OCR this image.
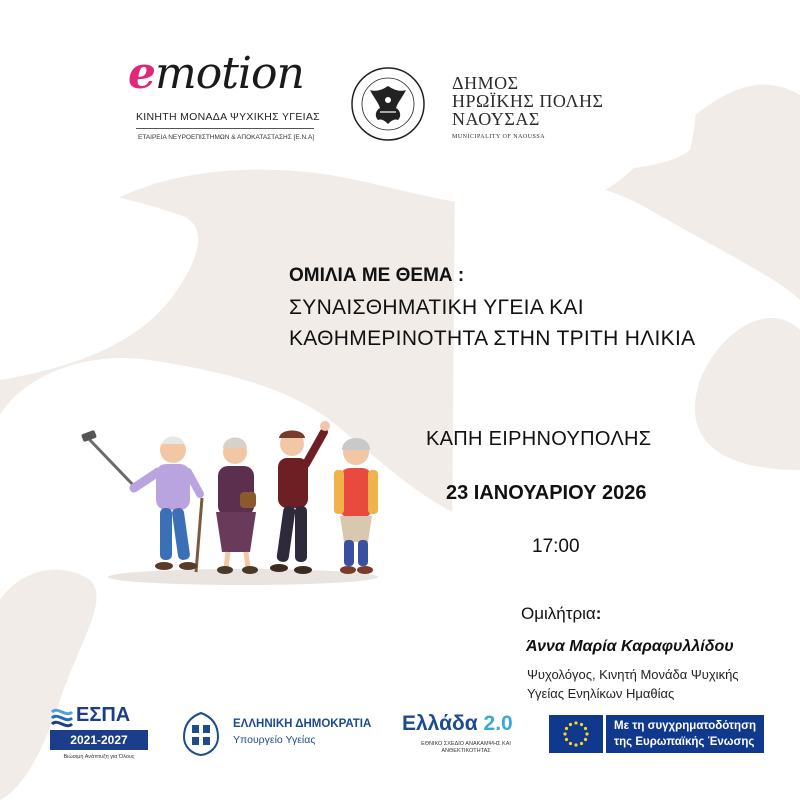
emotion
ΚΙΝΗΤΗ ΜΟΝΑΔΑ ΨΥΧΙΚΗΣ ΥΓΕΙΑΣ
ΕΤΑΙΡΕΙΑ ΝΕΥΡΟΕΠΙΣΤΗΜΩΝ & ΑΠΟΚΑΤΑΣΤΑΣΗΣ [Ε.Ν.Α]
ΔΗΜΟΣ
ΗΡΩΪΚΗΣ ΠΟΛΗΣ
ΝΑΟΥΣΑΣ
MUNICIPALITY OF NAOUSSA
ΟΜΙΛΙΑ ΜΕ ΘΕΜΑ :
ΣΥΝΑΙΣΘΗΜΑΤΙΚΗ ΥΓΕΙΑ ΚΑΙ
ΚΑΘΗΜΕΡΙΝΟΤΗΤΑ ΣΤΗΝ ΤΡΙΤΗ ΗΛΙΚΙΑ
ΚΑΠΗ ΕΙΡΗΝΟΥΠΟΛΗΣ
23 ΙΑΝΟΥΑΡΙΟΥ 2026
17:00
Ομιλήτρια:
Άννα Μαρία Καραφυλλίδου
Ψυχολόγος, Κινητή Μονάδα Ψυχικής
Υγείας Ενηλίκων Ημαθίας
ΕΣΠΑ
2021-2027
Βιώσιμη Ανάπτυξη για Όλους
ΕΛΛΗΝΙΚΗ ΔΗΜΟΚΡΑΤΙΑ
Υπουργείο Υγείας
Ελλάδα 2.0
ΕΘΝΙΚΟ ΣΧΕΔΙΟ ΑΝΑΚΑΜΨΗΣ ΚΑΙ ΑΝΘΕΚΤΙΚΟΤΗΤΑΣ
Με τη συγχρηματοδότηση
της Ευρωπαϊκής Ένωσης
